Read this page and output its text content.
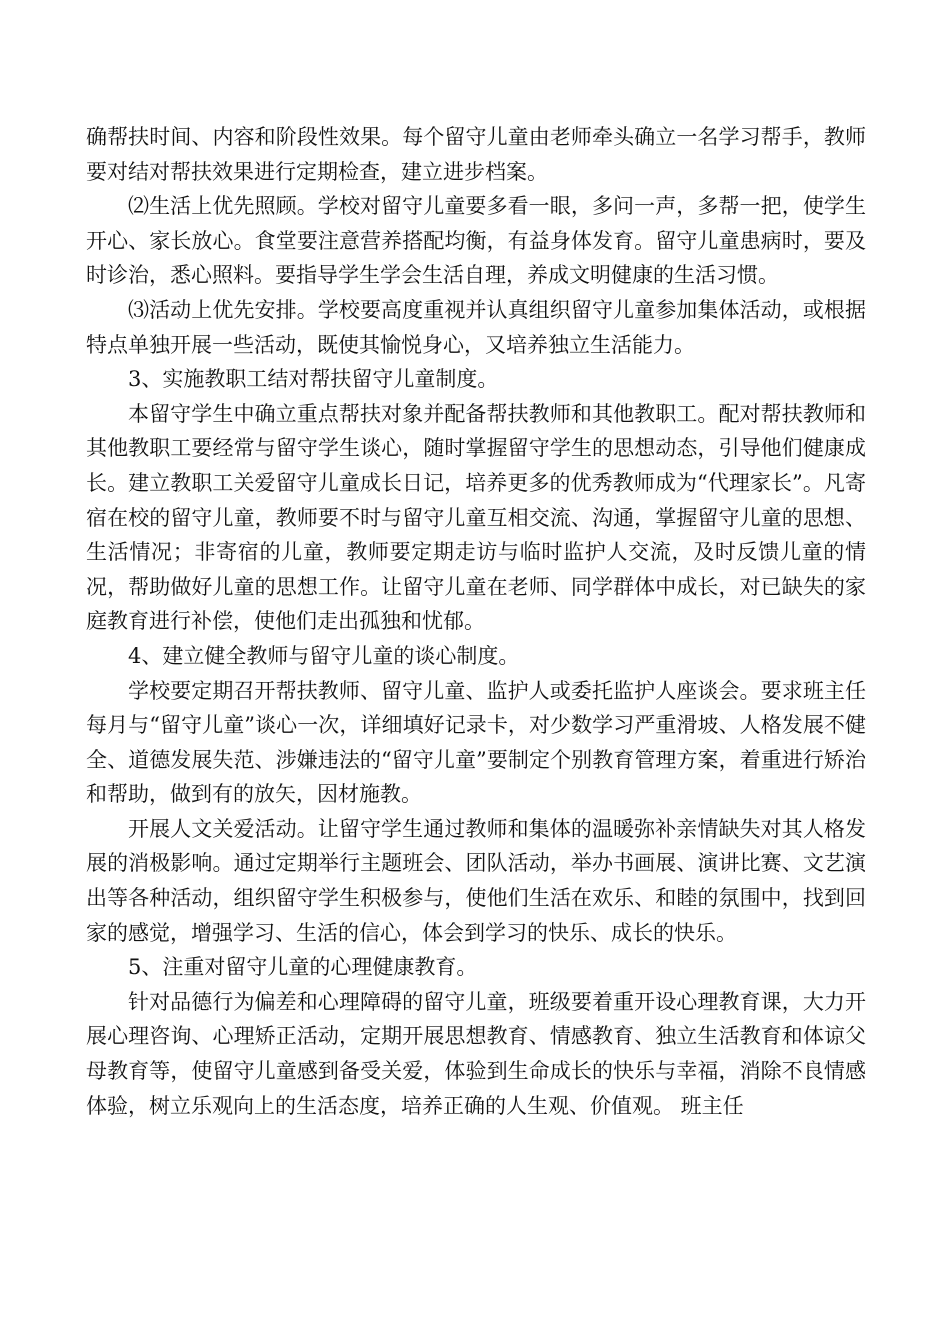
确帮扶时间、内容和阶段性效果。每个留守儿童由老师牵头确立一名学习帮手，教师要对结对帮扶效果进行定期检查，建立进步档案。

⑵生活上优先照顾。学校对留守儿童要多看一眼，多问一声，多帮一把，使学生开心、家长放心。食堂要注意营养搭配均衡，有益身体发育。留守儿童患病时，要及时诊治，悉心照料。要指导学生学会生活自理，养成文明健康的生活习惯。

⑶活动上优先安排。学校要高度重视并认真组织留守儿童参加集体活动，或根据特点单独开展一些活动，既使其愉悦身心，又培养独立生活能力。

3、实施教职工结对帮扶留守儿童制度。

本留守学生中确立重点帮扶对象并配备帮扶教师和其他教职工。配对帮扶教师和其他教职工要经常与留守学生谈心，随时掌握留守学生的思想动态，引导他们健康成长。建立教职工关爱留守儿童成长日记，培养更多的优秀教师成为“代理家长”。凡寄宿在校的留守儿童，教师要不时与留守儿童互相交流、沟通，掌握留守儿童的思想、生活情况；非寄宿的儿童，教师要定期走访与临时监护人交流，及时反馈儿童的情况，帮助做好儿童的思想工作。让留守儿童在老师、同学群体中成长，对已缺失的家庭教育进行补偿，使他们走出孤独和忧郁。

4、建立健全教师与留守儿童的谈心制度。

学校要定期召开帮扶教师、留守儿童、监护人或委托监护人座谈会。要求班主任每月与“留守儿童”谈心一次，详细填好记录卡，对少数学习严重滑坡、人格发展不健全、道德发展失范、涉嫌违法的“留守儿童”要制定个别教育管理方案，着重进行矫治和帮助，做到有的放矢，因材施教。

开展人文关爱活动。让留守学生通过教师和集体的温暖弥补亲情缺失对其人格发展的消极影响。通过定期举行主题班会、团队活动，举办书画展、演讲比赛、文艺演出等各种活动，组织留守学生积极参与，使他们生活在欢乐、和睦的氛围中，找到回家的感觉，增强学习、生活的信心，体会到学习的快乐、成长的快乐。

5、注重对留守儿童的心理健康教育。

针对品德行为偏差和心理障碍的留守儿童，班级要着重开设心理教育课，大力开展心理咨询、心理矫正活动，定期开展思想教育、情感教育、独立生活教育和体谅父母教育等，使留守儿童感到备受关爱，体验到生命成长的快乐与幸福，消除不良情感体验，树立乐观向上的生活态度，培养正确的人生观、价值观。 班主任
